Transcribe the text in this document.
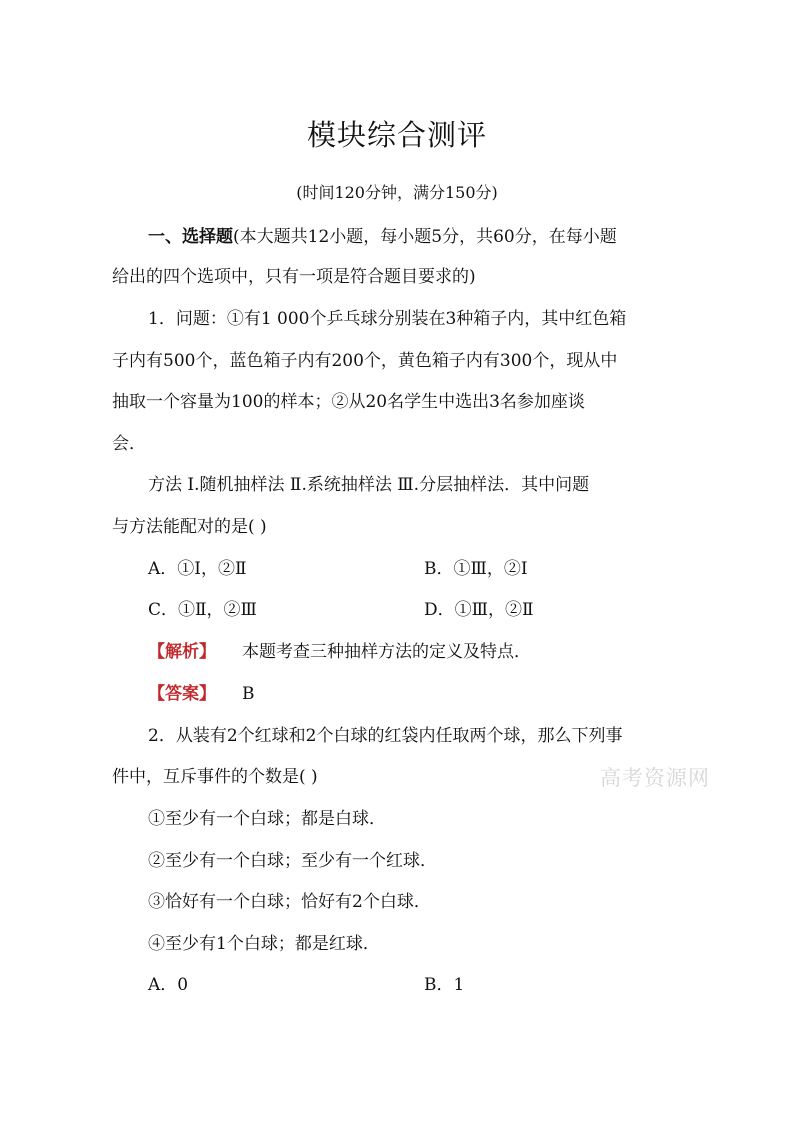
模块综合测评
(时间120分钟，满分150分)
一、选择题(本大题共12小题，每小题5分，共60分，在每小题
给出的四个选项中，只有一项是符合题目要求的)
1．问题：①有1 000个乒乓球分别装在3种箱子内，其中红色箱
子内有500个，蓝色箱子内有200个，黄色箱子内有300个，现从中
抽取一个容量为100的样本；②从20名学生中选出3名参加座谈
会．
方法 Ⅰ.随机抽样法 Ⅱ.系统抽样法 Ⅲ.分层抽样法．其中问题
与方法能配对的是( )
A．①Ⅰ，②Ⅱ	B．①Ⅲ，②Ⅰ
C．①Ⅱ，②Ⅲ	D．①Ⅲ，②Ⅱ
【解析】 本题考查三种抽样方法的定义及特点．
【答案】 B
2．从装有2个红球和2个白球的红袋内任取两个球，那么下列事
件中，互斥事件的个数是( )
①至少有一个白球；都是白球．
②至少有一个白球；至少有一个红球．
③恰好有一个白球；恰好有2个白球．
④至少有1个白球；都是红球．
A．0	B．1
高考资源网
